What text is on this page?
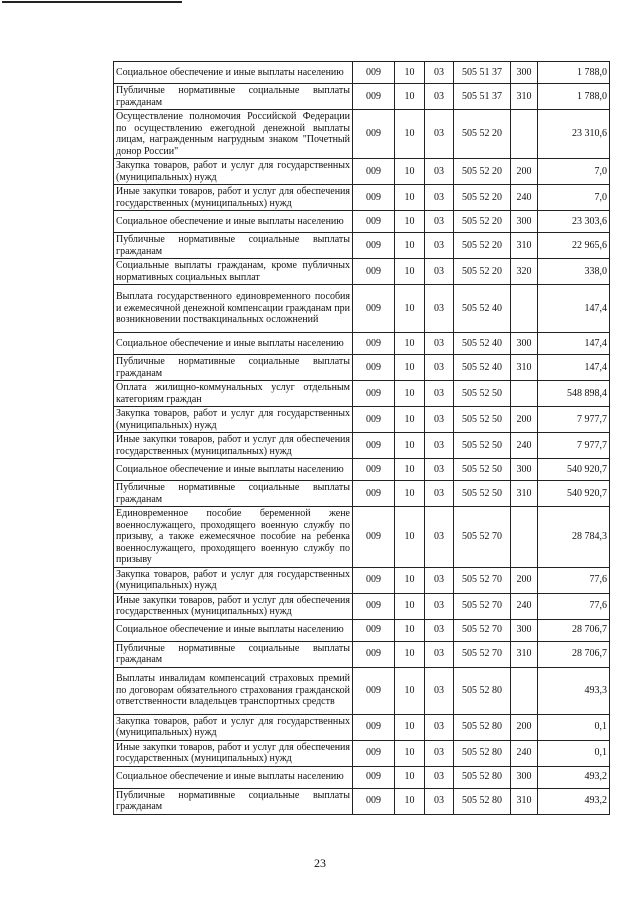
Социальное обеспечение и иные выплаты населению	009	10	03	505 51 37	300	1 788,0
Публичные нормативные социальные выплаты гражданам	009	10	03	505 51 37	310	1 788,0
Осуществление полномочия Российской Федерации по осуществлению ежегодной денежной выплаты лицам, награжденным нагрудным знаком "Почетный донор России"	009	10	03	505 52 20		23 310,6
Закупка товаров, работ и услуг для государственных (муниципальных) нужд	009	10	03	505 52 20	200	7,0
Иные закупки товаров, работ и услуг для обеспечения государственных (муниципальных) нужд	009	10	03	505 52 20	240	7,0
Социальное обеспечение и иные выплаты населению	009	10	03	505 52 20	300	23 303,6
Публичные нормативные социальные выплаты гражданам	009	10	03	505 52 20	310	22 965,6
Социальные выплаты гражданам, кроме публичных нормативных социальных выплат	009	10	03	505 52 20	320	338,0
Выплата государственного единовременного пособия и ежемесячной денежной компенсации гражданам при возникновении поствакцинальных осложнений	009	10	03	505 52 40		147,4
Социальное обеспечение и иные выплаты населению	009	10	03	505 52 40	300	147,4
Публичные нормативные социальные выплаты гражданам	009	10	03	505 52 40	310	147,4
Оплата жилищно-коммунальных услуг отдельным категориям граждан	009	10	03	505 52 50		548 898,4
Закупка товаров, работ и услуг для государственных (муниципальных) нужд	009	10	03	505 52 50	200	7 977,7
Иные закупки товаров, работ и услуг для обеспечения государственных (муниципальных) нужд	009	10	03	505 52 50	240	7 977,7
Социальное обеспечение и иные выплаты населению	009	10	03	505 52 50	300	540 920,7
Публичные нормативные социальные выплаты гражданам	009	10	03	505 52 50	310	540 920,7
Единовременное пособие беременной жене военнослужащего, проходящего военную службу по призыву, а также ежемесячное пособие на ребенка военнослужащего, проходящего военную службу по призыву	009	10	03	505 52 70		28 784,3
Закупка товаров, работ и услуг для государственных (муниципальных) нужд	009	10	03	505 52 70	200	77,6
Иные закупки товаров, работ и услуг для обеспечения государственных (муниципальных) нужд	009	10	03	505 52 70	240	77,6
Социальное обеспечение и иные выплаты населению	009	10	03	505 52 70	300	28 706,7
Публичные нормативные социальные выплаты гражданам	009	10	03	505 52 70	310	28 706,7
Выплаты инвалидам компенсаций страховых премий по договорам обязательного страхования гражданской ответственности владельцев транспортных средств	009	10	03	505 52 80		493,3
Закупка товаров, работ и услуг для государственных (муниципальных) нужд	009	10	03	505 52 80	200	0,1
Иные закупки товаров, работ и услуг для обеспечения государственных (муниципальных) нужд	009	10	03	505 52 80	240	0,1
Социальное обеспечение и иные выплаты населению	009	10	03	505 52 80	300	493,2
Публичные нормативные социальные выплаты гражданам	009	10	03	505 52 80	310	493,2
23
